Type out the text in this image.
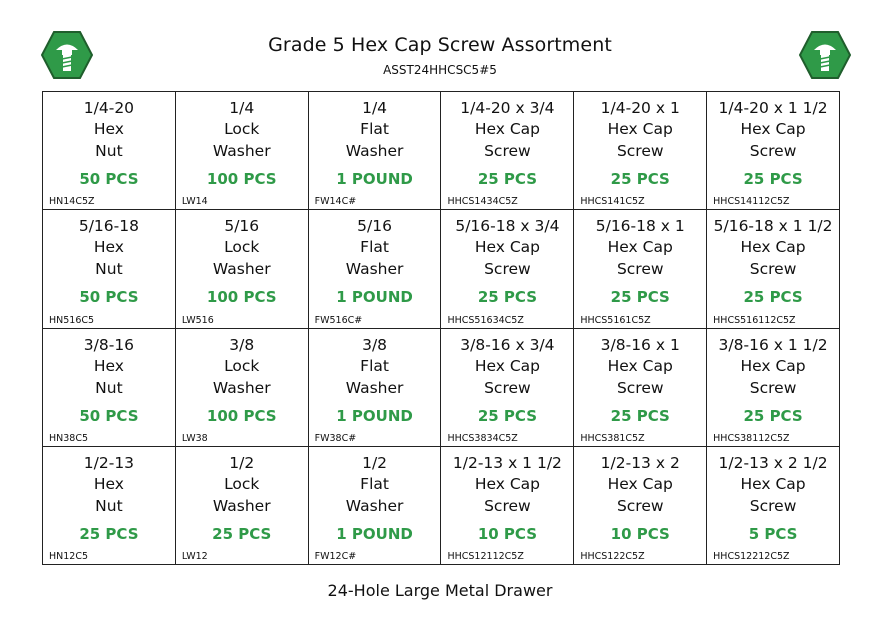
Grade 5 Hex Cap Screw Assortment
ASST24HHCSC5#5
1/4-20
Hex
Nut
50 PCS
HN14C5Z
1/4
Lock
Washer
100 PCS
LW14
1/4
Flat
Washer
1 POUND
FW14C#
1/4-20 x 3/4
Hex Cap
Screw
25 PCS
HHCS1434C5Z
1/4-20 x 1
Hex Cap
Screw
25 PCS
HHCS141C5Z
1/4-20 x 1 1/2
Hex Cap
Screw
25 PCS
HHCS14112C5Z
5/16-18
Hex
Nut
50 PCS
HN516C5
5/16
Lock
Washer
100 PCS
LW516
5/16
Flat
Washer
1 POUND
FW516C#
5/16-18 x 3/4
Hex Cap
Screw
25 PCS
HHCS51634C5Z
5/16-18 x 1
Hex Cap
Screw
25 PCS
HHCS5161C5Z
5/16-18 x 1 1/2
Hex Cap
Screw
25 PCS
HHCS516112C5Z
3/8-16
Hex
Nut
50 PCS
HN38C5
3/8
Lock
Washer
100 PCS
LW38
3/8
Flat
Washer
1 POUND
FW38C#
3/8-16 x 3/4
Hex Cap
Screw
25 PCS
HHCS3834C5Z
3/8-16 x 1
Hex Cap
Screw
25 PCS
HHCS381C5Z
3/8-16 x 1 1/2
Hex Cap
Screw
25 PCS
HHCS38112C5Z
1/2-13
Hex
Nut
25 PCS
HN12C5
1/2
Lock
Washer
25 PCS
LW12
1/2
Flat
Washer
1 POUND
FW12C#
1/2-13 x 1 1/2
Hex Cap
Screw
10 PCS
HHCS12112C5Z
1/2-13 x 2
Hex Cap
Screw
10 PCS
HHCS122C5Z
1/2-13 x 2 1/2
Hex Cap
Screw
5 PCS
HHCS12212C5Z
24-Hole Large Metal Drawer
